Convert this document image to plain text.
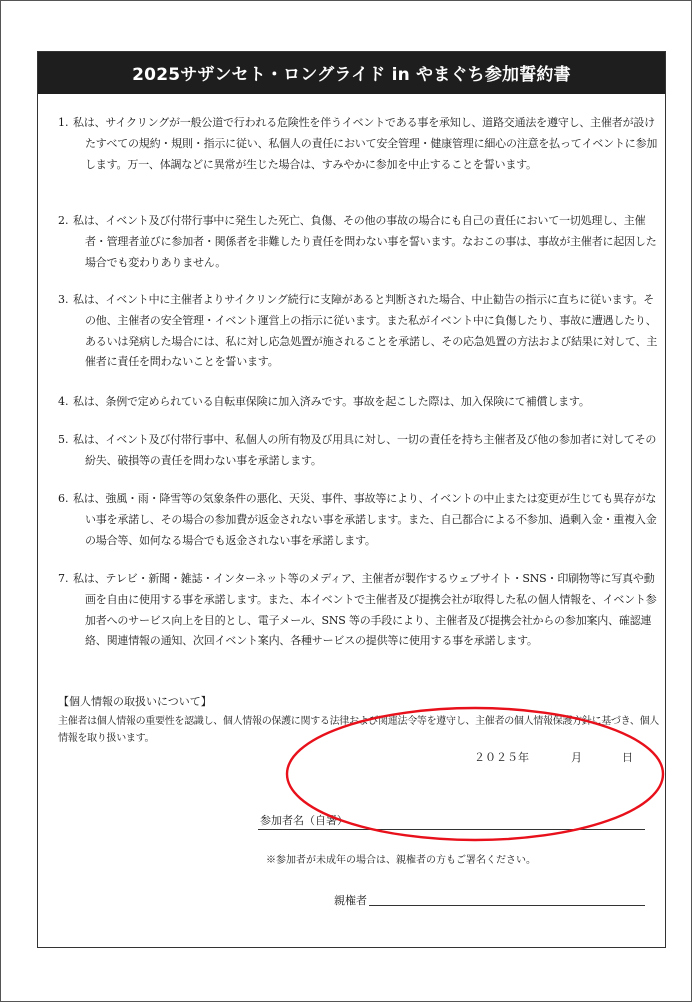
2025サザンセト・ロングライド in やまぐち参加誓約書
1. 私は、サイクリングが一般公道で行われる危険性を伴うイベントである事を承知し、道路交通法を遵守し、主催者が設けたすべての規約・規則・指示に従い、私個人の責任において安全管理・健康管理に細心の注意を払ってイベントに参加します。万一、体調などに異常が生じた場合は、すみやかに参加を中止することを誓います。
2. 私は、イベント及び付帯行事中に発生した死亡、負傷、その他の事故の場合にも自己の責任において一切処理し、主催者・管理者並びに参加者・関係者を非難したり責任を問わない事を誓います。なおこの事は、事故が主催者に起因した場合でも変わりありません。
3. 私は、イベント中に主催者よりサイクリング続行に支障があると判断された場合、中止勧告の指示に直ちに従います。その他、主催者の安全管理・イベント運営上の指示に従います。また私がイベント中に負傷したり、事故に遭遇したり、あるいは発病した場合には、私に対し応急処置が施されることを承諾し、その応急処置の方法および結果に対して、主催者に責任を問わないことを誓います。
4. 私は、条例で定められている自転車保険に加入済みです。事故を起こした際は、加入保険にて補償します。
5. 私は、イベント及び付帯行事中、私個人の所有物及び用具に対し、一切の責任を持ち主催者及び他の参加者に対してその紛失、破損等の責任を問わない事を承諾します。
6. 私は、強風・雨・降雪等の気象条件の悪化、天災、事件、事故等により、イベントの中止または変更が生じても異存がない事を承諾し、その場合の参加費が返金されない事を承諾します。また、自己都合による不参加、過剰入金・重複入金の場合等、如何なる場合でも返金されない事を承諾します。
7. 私は、テレビ・新聞・雑誌・インターネット等のメディア、主催者が製作するウェブサイト・SNS・印刷物等に写真や動画を自由に使用する事を承諾します。また、本イベントで主催者及び提携会社が取得した私の個人情報を、イベント参加者へのサービス向上を目的とし、電子メール、SNS 等の手段により、主催者及び提携会社からの参加案内、確認連絡、関連情報の通知、次回イベント案内、各種サービスの提供等に使用する事を承諾します。
【個人情報の取扱いについて】
主催者は個人情報の重要性を認識し、個人情報の保護に関する法律および関連法令等を遵守し、主催者の個人情報保護方針に基づき、個人情報を取り扱います。

２０２５年

	月

	日

参加者名（自署）
※参加者が未成年の場合は、親権者の方もご署名ください。
親権者
